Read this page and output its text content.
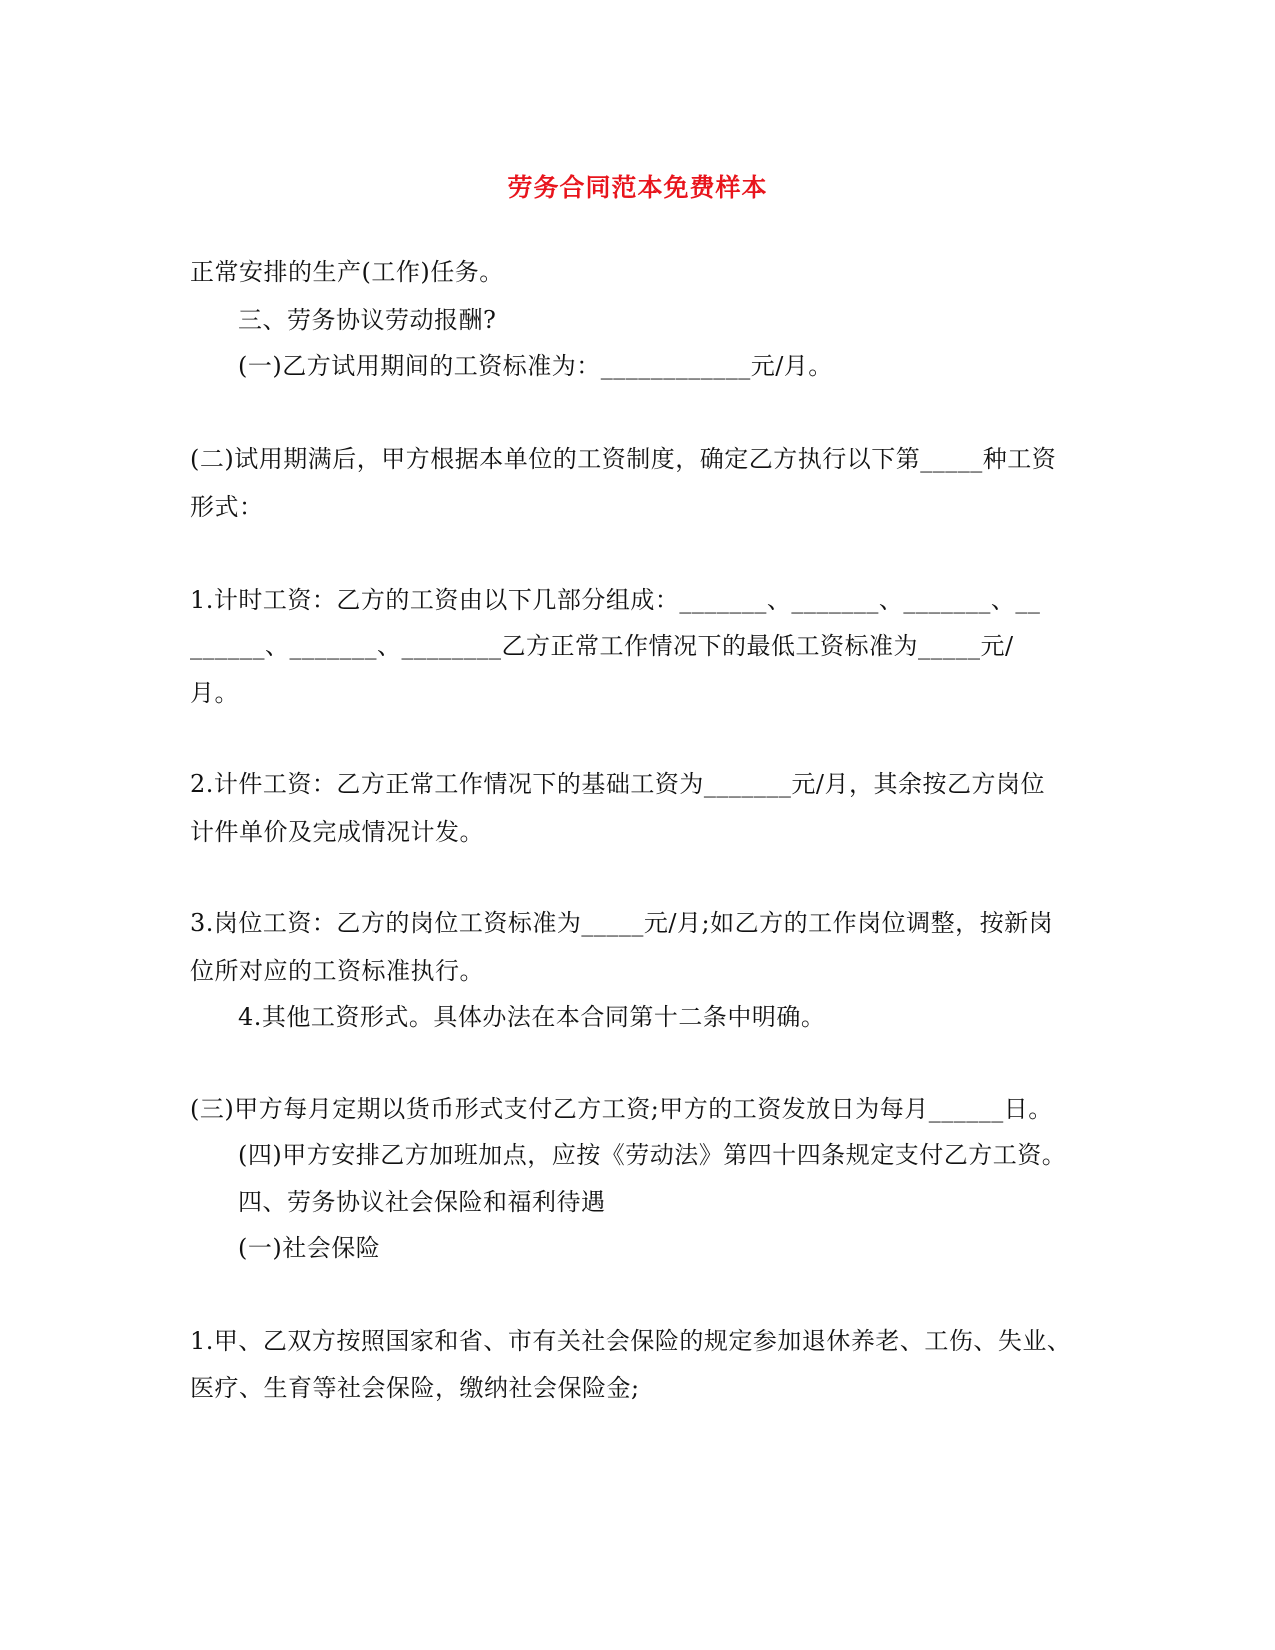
劳务合同范本免费样本
正常安排的生产(工作)任务。
三、劳务协议劳动报酬?
(一)乙方试用期间的工资标准为：____________元/月。
(二)试用期满后，甲方根据本单位的工资制度，确定乙方执行以下第_____种工资
形式：
1.计时工资：乙方的工资由以下几部分组成：_______、_______、_______、__
______、_______、________乙方正常工作情况下的最低工资标准为_____元/
月。
2.计件工资：乙方正常工作情况下的基础工资为_______元/月，其余按乙方岗位
计件单价及完成情况计发。
3.岗位工资：乙方的岗位工资标准为_____元/月;如乙方的工作岗位调整，按新岗
位所对应的工资标准执行。
4.其他工资形式。具体办法在本合同第十二条中明确。
(三)甲方每月定期以货币形式支付乙方工资;甲方的工资发放日为每月______日。
(四)甲方安排乙方加班加点，应按《劳动法》第四十四条规定支付乙方工资。
四、劳务协议社会保险和福利待遇
(一)社会保险
1.甲、乙双方按照国家和省、市有关社会保险的规定参加退休养老、工伤、失业、
医疗、生育等社会保险，缴纳社会保险金;
